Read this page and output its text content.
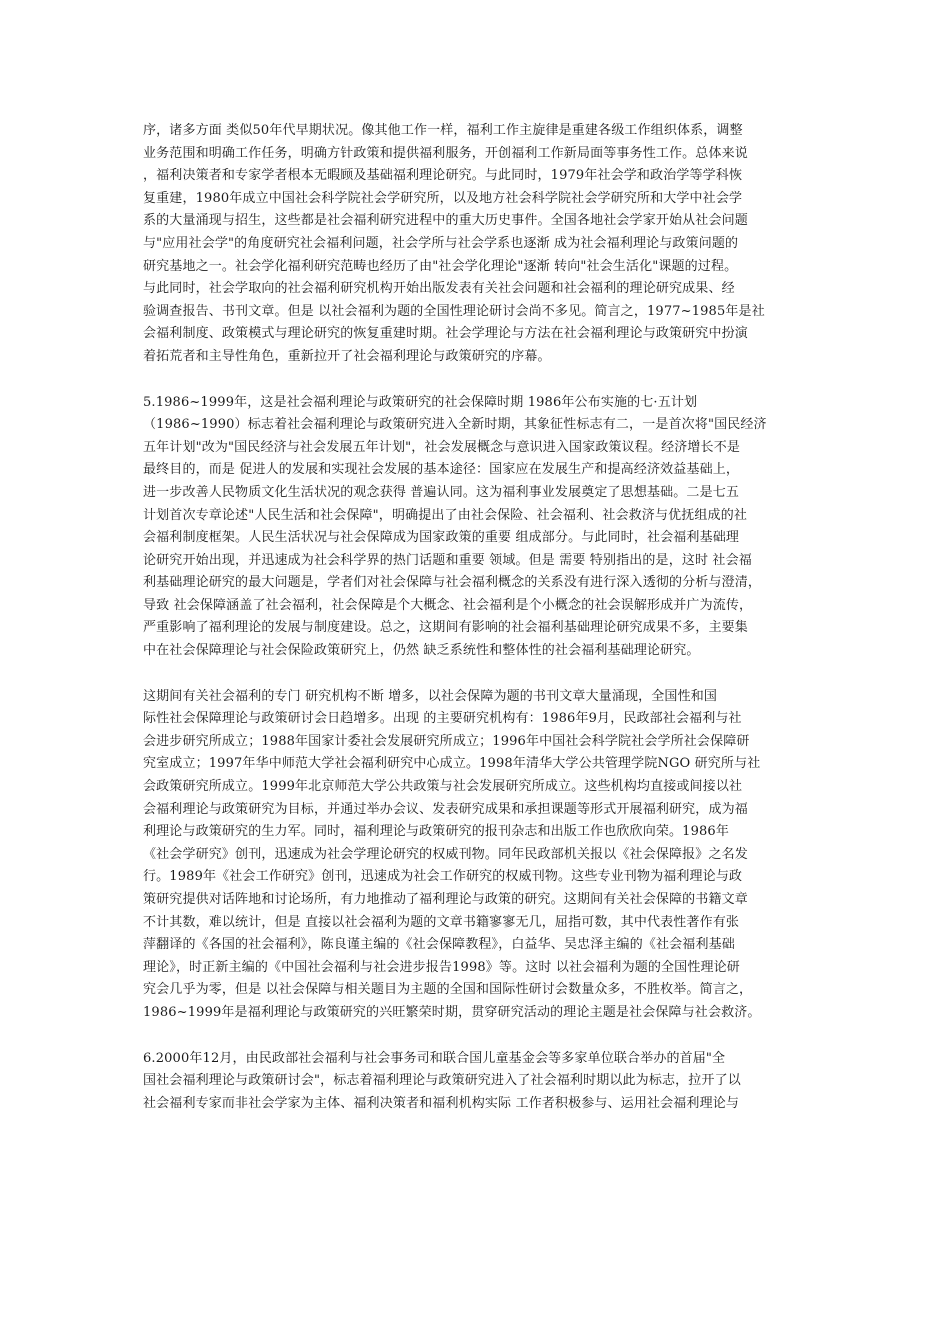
序，诸多方面 类似50年代早期状况。像其他工作一样，福利工作主旋律是重建各级工作组织体系，调整
业务范围和明确工作任务，明确方针政策和提供福利服务，开创福利工作新局面等事务性工作。总体来说
，福利决策者和专家学者根本无暇顾及基础福利理论研究。与此同时，1979年社会学和政治学等学科恢
复重建，1980年成立中国社会科学院社会学研究所，以及地方社会科学院社会学研究所和大学中社会学
系的大量涌现与招生，这些都是社会福利研究进程中的重大历史事件。全国各地社会学家开始从社会问题
与"应用社会学"的角度研究社会福利问题，社会学所与社会学系也逐渐 成为社会福利理论与政策问题的
研究基地之一。社会学化福利研究范畴也经历了由"社会学化理论"逐渐 转向"社会生活化"课题的过程。
与此同时，社会学取向的社会福利研究机构开始出版发表有关社会问题和社会福利的理论研究成果、经
验调查报告、书刊文章。但是 以社会福利为题的全国性理论研讨会尚不多见。简言之，1977~1985年是社
会福利制度、政策模式与理论研究的恢复重建时期。社会学理论与方法在社会福利理论与政策研究中扮演
着拓荒者和主导性角色，重新拉开了社会福利理论与政策研究的序幕。
5.1986~1999年，这是社会福利理论与政策研究的社会保障时期 1986年公布实施的七·五计划
（1986~1990）标志着社会福利理论与政策研究进入全新时期，其象征性标志有二，一是首次将"国民经济
五年计划"改为"国民经济与社会发展五年计划"，社会发展概念与意识进入国家政策议程。经济增长不是
最终目的，而是 促进人的发展和实现社会发展的基本途径：国家应在发展生产和提高经济效益基础上，
进一步改善人民物质文化生活状况的观念获得 普遍认同。这为福利事业发展奠定了思想基础。二是七五
计划首次专章论述"人民生活和社会保障"，明确提出了由社会保险、社会福利、社会救济与优抚组成的社
会福利制度框架。人民生活状况与社会保障成为国家政策的重要 组成部分。与此同时，社会福利基础理
论研究开始出现，并迅速成为社会科学界的热门话题和重要 领域。但是 需要 特别指出的是，这时 社会福
利基础理论研究的最大问题是，学者们对社会保障与社会福利概念的关系没有进行深入透彻的分析与澄清，
导致 社会保障涵盖了社会福利，社会保障是个大概念、社会福利是个小概念的社会误解形成并广为流传，
严重影响了福利理论的发展与制度建设。总之，这期间有影响的社会福利基础理论研究成果不多，主要集
中在社会保障理论与社会保险政策研究上，仍然 缺乏系统性和整体性的社会福利基础理论研究。
这期间有关社会福利的专门 研究机构不断 增多，以社会保障为题的书刊文章大量涌现，全国性和国
际性社会保障理论与政策研讨会日趋增多。出现 的主要研究机构有：1986年9月，民政部社会福利与社
会进步研究所成立；1988年国家计委社会发展研究所成立；1996年中国社会科学院社会学所社会保障研
究室成立；1997年华中师范大学社会福利研究中心成立。1998年清华大学公共管理学院NGO 研究所与社
会政策研究所成立。1999年北京师范大学公共政策与社会发展研究所成立。这些机构均直接或间接以社
会福利理论与政策研究为目标，并通过举办会议、发表研究成果和承担课题等形式开展福利研究，成为福
利理论与政策研究的生力军。同时，福利理论与政策研究的报刊杂志和出版工作也欣欣向荣。1986年
《社会学研究》创刊，迅速成为社会学理论研究的权威刊物。同年民政部机关报以《社会保障报》之名发
行。1989年《社会工作研究》创刊，迅速成为社会工作研究的权威刊物。这些专业刊物为福利理论与政
策研究提供对话阵地和讨论场所，有力地推动了福利理论与政策的研究。这期间有关社会保障的书籍文章
不计其数，难以统计，但是 直接以社会福利为题的文章书籍寥寥无几，屈指可数，其中代表性著作有张
萍翻译的《各国的社会福利》，陈良谨主编的《社会保障教程》，白益华、吴忠泽主编的《社会福利基础
理论》，时正新主编的《中国社会福利与社会进步报告1998》等。这时 以社会福利为题的全国性理论研
究会几乎为零，但是 以社会保障与相关题目为主题的全国和国际性研讨会数量众多，不胜枚举。简言之，
1986~1999年是福利理论与政策研究的兴旺繁荣时期，贯穿研究活动的理论主题是社会保障与社会救济。
6.2000年12月，由民政部社会福利与社会事务司和联合国儿童基金会等多家单位联合举办的首届"全
国社会福利理论与政策研讨会"，标志着福利理论与政策研究进入了社会福利时期以此为标志，拉开了以
社会福利专家而非社会学家为主体、福利决策者和福利机构实际 工作者积极参与、运用社会福利理论与
